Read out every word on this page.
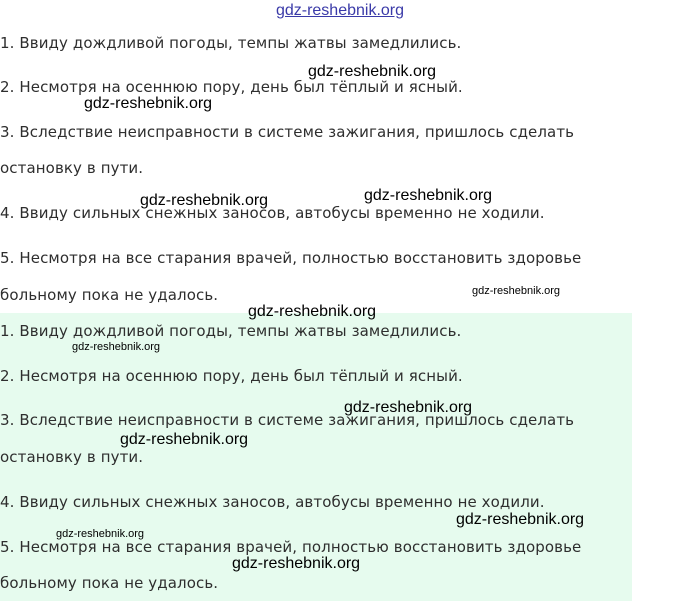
gdz-reshebnik.org
1. Ввиду дождливой погоды, темпы жатвы замедлились.
2. Несмотря на осеннюю пору, день был тёплый и ясный.
3. Вследствие неисправности в системе зажигания, пришлось сделать
остановку в пути.
4. Ввиду сильных снежных заносов, автобусы временно не ходили.
5. Несмотря на все старания врачей, полностью восстановить здоровье
больному пока не удалось.
1. Ввиду дождливой погоды, темпы жатвы замедлились.
2. Несмотря на осеннюю пору, день был тёплый и ясный.
3. Вследствие неисправности в системе зажигания, пришлось сделать
остановку в пути.
4. Ввиду сильных снежных заносов, автобусы временно не ходили.
5. Несмотря на все старания врачей, полностью восстановить здоровье
больному пока не удалось.
gdz-reshebnik.org
gdz-reshebnik.org
gdz-reshebnik.org	gdz-reshebnik.org
gdz-reshebnik.org
gdz-reshebnik.org
gdz-reshebnik.org
gdz-reshebnik.org
gdz-reshebnik.org
gdz-reshebnik.org
gdz-reshebnik.org
gdz-reshebnik.org
